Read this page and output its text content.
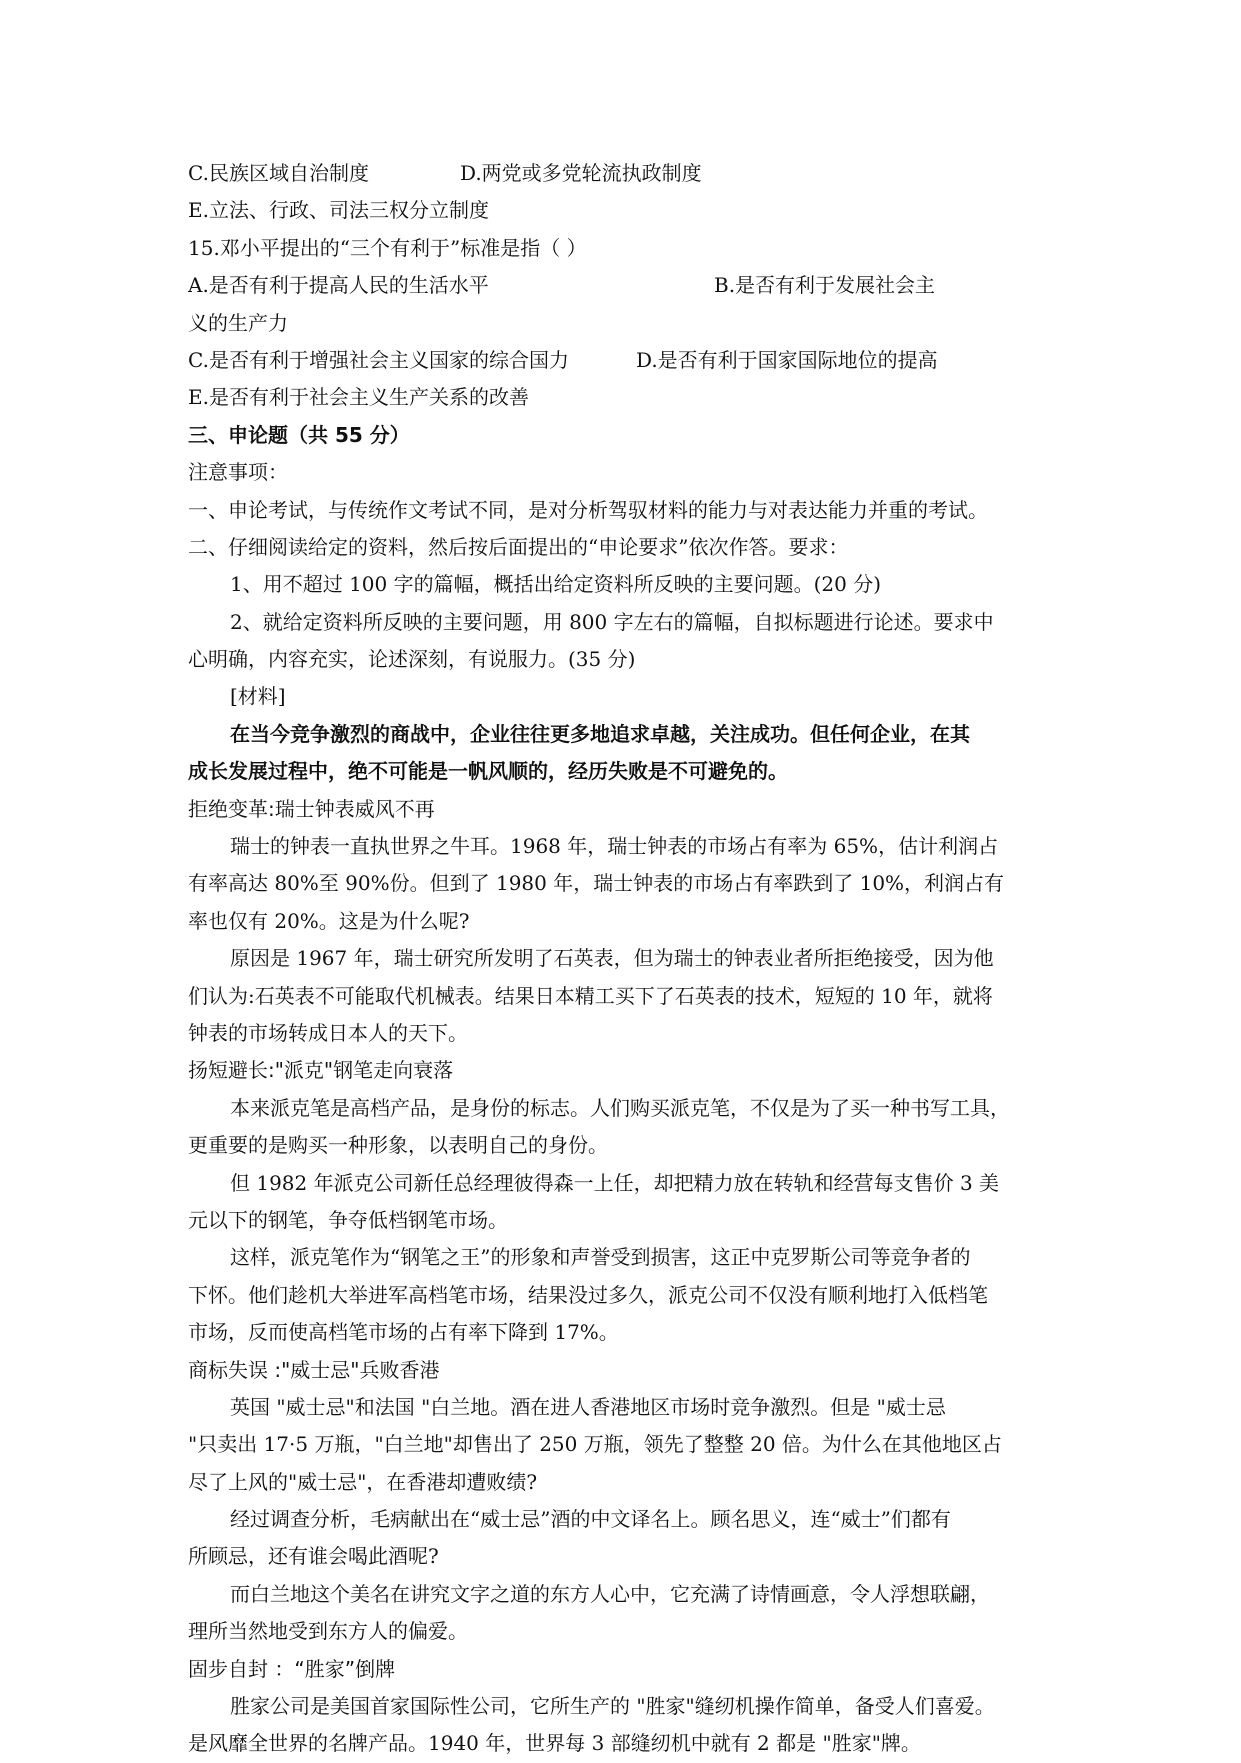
C.民族区域自治制度	D.两党或多党轮流执政制度
E.立法、行政、司法三权分立制度
15.邓小平提出的“三个有利于”标准是指（ ）
A.是否有利于提高人民的生活水平	B.是否有利于发展社会主
义的生产力
C.是否有利于增强社会主义国家的综合国力	D.是否有利于国家国际地位的提高
E.是否有利于社会主义生产关系的改善
三、申论题（共 55 分）
注意事项：
一、申论考试，与传统作文考试不同，是对分析驾驭材料的能力与对表达能力并重的考试。
二、仔细阅读给定的资料，然后按后面提出的“申论要求”依次作答。要求：
1、用不超过 100 字的篇幅，概括出给定资料所反映的主要问题。(20 分)
2、就给定资料所反映的主要问题，用 800 字左右的篇幅，自拟标题进行论述。要求中
心明确，内容充实，论述深刻，有说服力。(35 分)
[材料]
在当今竞争激烈的商战中，企业往往更多地追求卓越，关注成功。但任何企业，在其
成长发展过程中，绝不可能是一帆风顺的，经历失败是不可避免的。
拒绝变革:瑞士钟表威风不再
瑞士的钟表一直执世界之牛耳。1968 年，瑞士钟表的市场占有率为 65%，估计利润占
有率高达 80%至 90%份。但到了 1980 年，瑞士钟表的市场占有率跌到了 10%，利润占有
率也仅有 20%。这是为什么呢?
原因是 1967 年，瑞士研究所发明了石英表，但为瑞士的钟表业者所拒绝接受，因为他
们认为:石英表不可能取代机械表。结果日本精工买下了石英表的技术，短短的 10 年，就将
钟表的市场转成日本人的天下。
扬短避长:"派克"钢笔走向衰落
本来派克笔是高档产品，是身份的标志。人们购买派克笔，不仅是为了买一种书写工具，
更重要的是购买一种形象，以表明自己的身份。
但 1982 年派克公司新任总经理彼得森一上任，却把精力放在转轨和经营每支售价 3 美
元以下的钢笔，争夺低档钢笔市场。
这样，派克笔作为“钢笔之王”的形象和声誉受到损害，这正中克罗斯公司等竞争者的
下怀。他们趁机大举进军高档笔市场，结果没过多久，派克公司不仅没有顺利地打入低档笔
市场，反而使高档笔市场的占有率下降到 17%。
商标失误 :"威士忌"兵败香港
英国 "威士忌"和法国 "白兰地。酒在进人香港地区市场时竞争激烈。但是 "威士忌
"只卖出 17·5 万瓶，"白兰地"却售出了 250 万瓶，领先了整整 20 倍。为什么在其他地区占
尽了上风的"威士忌"，在香港却遭败绩?
经过调查分析，毛病献出在“威士忌”酒的中文译名上。顾名思义，连“威士”们都有
所顾忌，还有谁会喝此酒呢?
而白兰地这个美名在讲究文字之道的东方人心中，它充满了诗情画意，令人浮想联翩，
理所当然地受到东方人的偏爱。
固步自封 ：“胜家”倒牌
胜家公司是美国首家国际性公司，它所生产的 "胜家"缝纫机操作简单，备受人们喜爱。
是风靡全世界的名牌产品。1940 年，世界每 3 部缝纫机中就有 2 都是 "胜家"牌。
